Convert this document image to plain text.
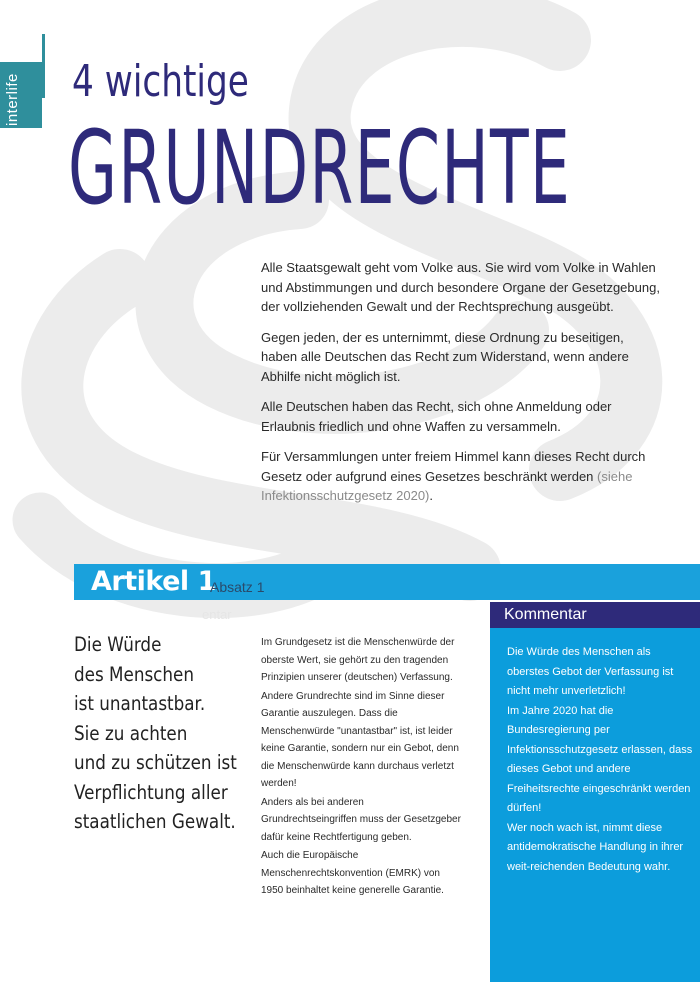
interlife 4 wichtige
GRUNDRECHTE

Alle Staatsgewalt geht vom Volke aus. Sie wird vom Volke in Wahlen und Abstimmungen und durch besondere Organe der Gesetzgebung, der vollziehenden Gewalt und der Rechtsprechung ausgeübt.

Gegen jeden, der es unternimmt, diese Ordnung zu beseitigen, haben alle Deutschen das Recht zum Widerstand, wenn andere Abhilfe nicht möglich ist.

Alle Deutschen haben das Recht, sich ohne Anmeldung oder Erlaubnis friedlich und ohne Waffen zu versammeln.

Für Versammlungen unter freiem Himmel kann dieses Recht durch Gesetz oder aufgrund eines Gesetzes beschränkt werden (siehe Infektionsschutzgesetz 2020).

Artikel 1
Absatz 1
entar
Die Würde
des Menschen
ist unantastbar.
Sie zu achten
und zu schützen ist
Verpflichtung aller
staatlichen Gewalt.

Im Grundgesetz ist die Menschenwürde der oberste Wert, sie gehört zu den tragenden Prinzipien unserer (deutschen) Verfassung.

Andere Grundrechte sind im Sinne dieser Garantie auszulegen. Dass die Menschenwürde "unantastbar" ist, ist leider keine Garantie, sondern nur ein Gebot, denn die Menschenwürde kann durchaus verletzt werden!

Anders als bei anderen Grundrechtseingriffen muss der Gesetzgeber dafür keine Rechtfertigung geben.

Auch die Europäische Menschenrechtskonvention (EMRK) von 1950 beinhaltet keine generelle Garantie.

Kommentar

Die Würde des Menschen als oberstes Gebot der Verfassung ist nicht mehr unverletzlich!

Im Jahre 2020 hat die Bundesregierung per Infektionsschutzgesetz erlassen, dass dieses Gebot und andere Freiheitsrechte eingeschränkt werden dürfen!

Wer noch wach ist, nimmt diese antidemokratische Handlung in ihrer weit-reichenden Bedeutung wahr.
